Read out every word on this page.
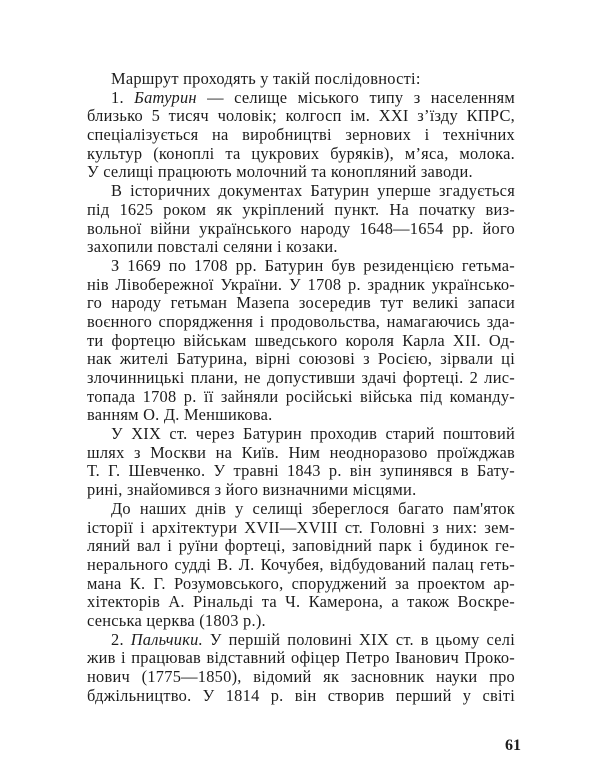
Маршрут проходять у такій послідовності:
1. Батурин — селище міського типу з населенням
близько 5 тисяч чоловік; колгосп ім. XXI з’їзду КПРС,
спеціалізується на виробництві зернових і технічних
культур (коноплі та цукрових буряків), м’яса, молока.
У селищі працюють молочний та конопляний заводи.
В історичних документах Батурин уперше згадується
під 1625 роком як укріплений пункт. На початку виз-
вольної війни українського народу 1648—1654 рр. його
захопили повсталі селяни і козаки.
З 1669 по 1708 рр. Батурин був резиденцією гетьма-
нів Лівобережної України. У 1708 р. зрадник українсько-
го народу гетьман Мазепа зосередив тут великі запаси
воєнного спорядження і продовольства, намагаючись зда-
ти фортецю військам шведського короля Карла XII. Од-
нак жителі Батурина, вірні союзові з Росією, зірвали ці
злочинницькі плани, не допустивши здачі фортеці. 2 лис-
топада 1708 р. її зайняли російські війська під команду-
ванням О. Д. Меншикова.
У XIX ст. через Батурин проходив старий поштовий
шлях з Москви на Київ. Ним неодноразово проїжджав
Т. Г. Шевченко. У травні 1843 р. він зупинявся в Бату-
рині, знайомився з його визначними місцями.
До наших днів у селищі збереглося багато пам'яток
історії і архітектури XVII—XVIII ст. Головні з них: зем-
ляний вал і руїни фортеці, заповідний парк і будинок ге-
нерального судді В. Л. Кочубея, відбудований палац геть-
мана К. Г. Розумовського, споруджений за проектом ар-
хітекторів А. Рінальді та Ч. Камерона, а також Воскре-
сенська церква (1803 р.).
2. Пальчики. У першій половині XIX ст. в цьому селі
жив і працював відставний офіцер Петро Іванович Проко-
нович (1775—1850), відомий як засновник науки про
бджільництво. У 1814 р. він створив перший у світі
61
